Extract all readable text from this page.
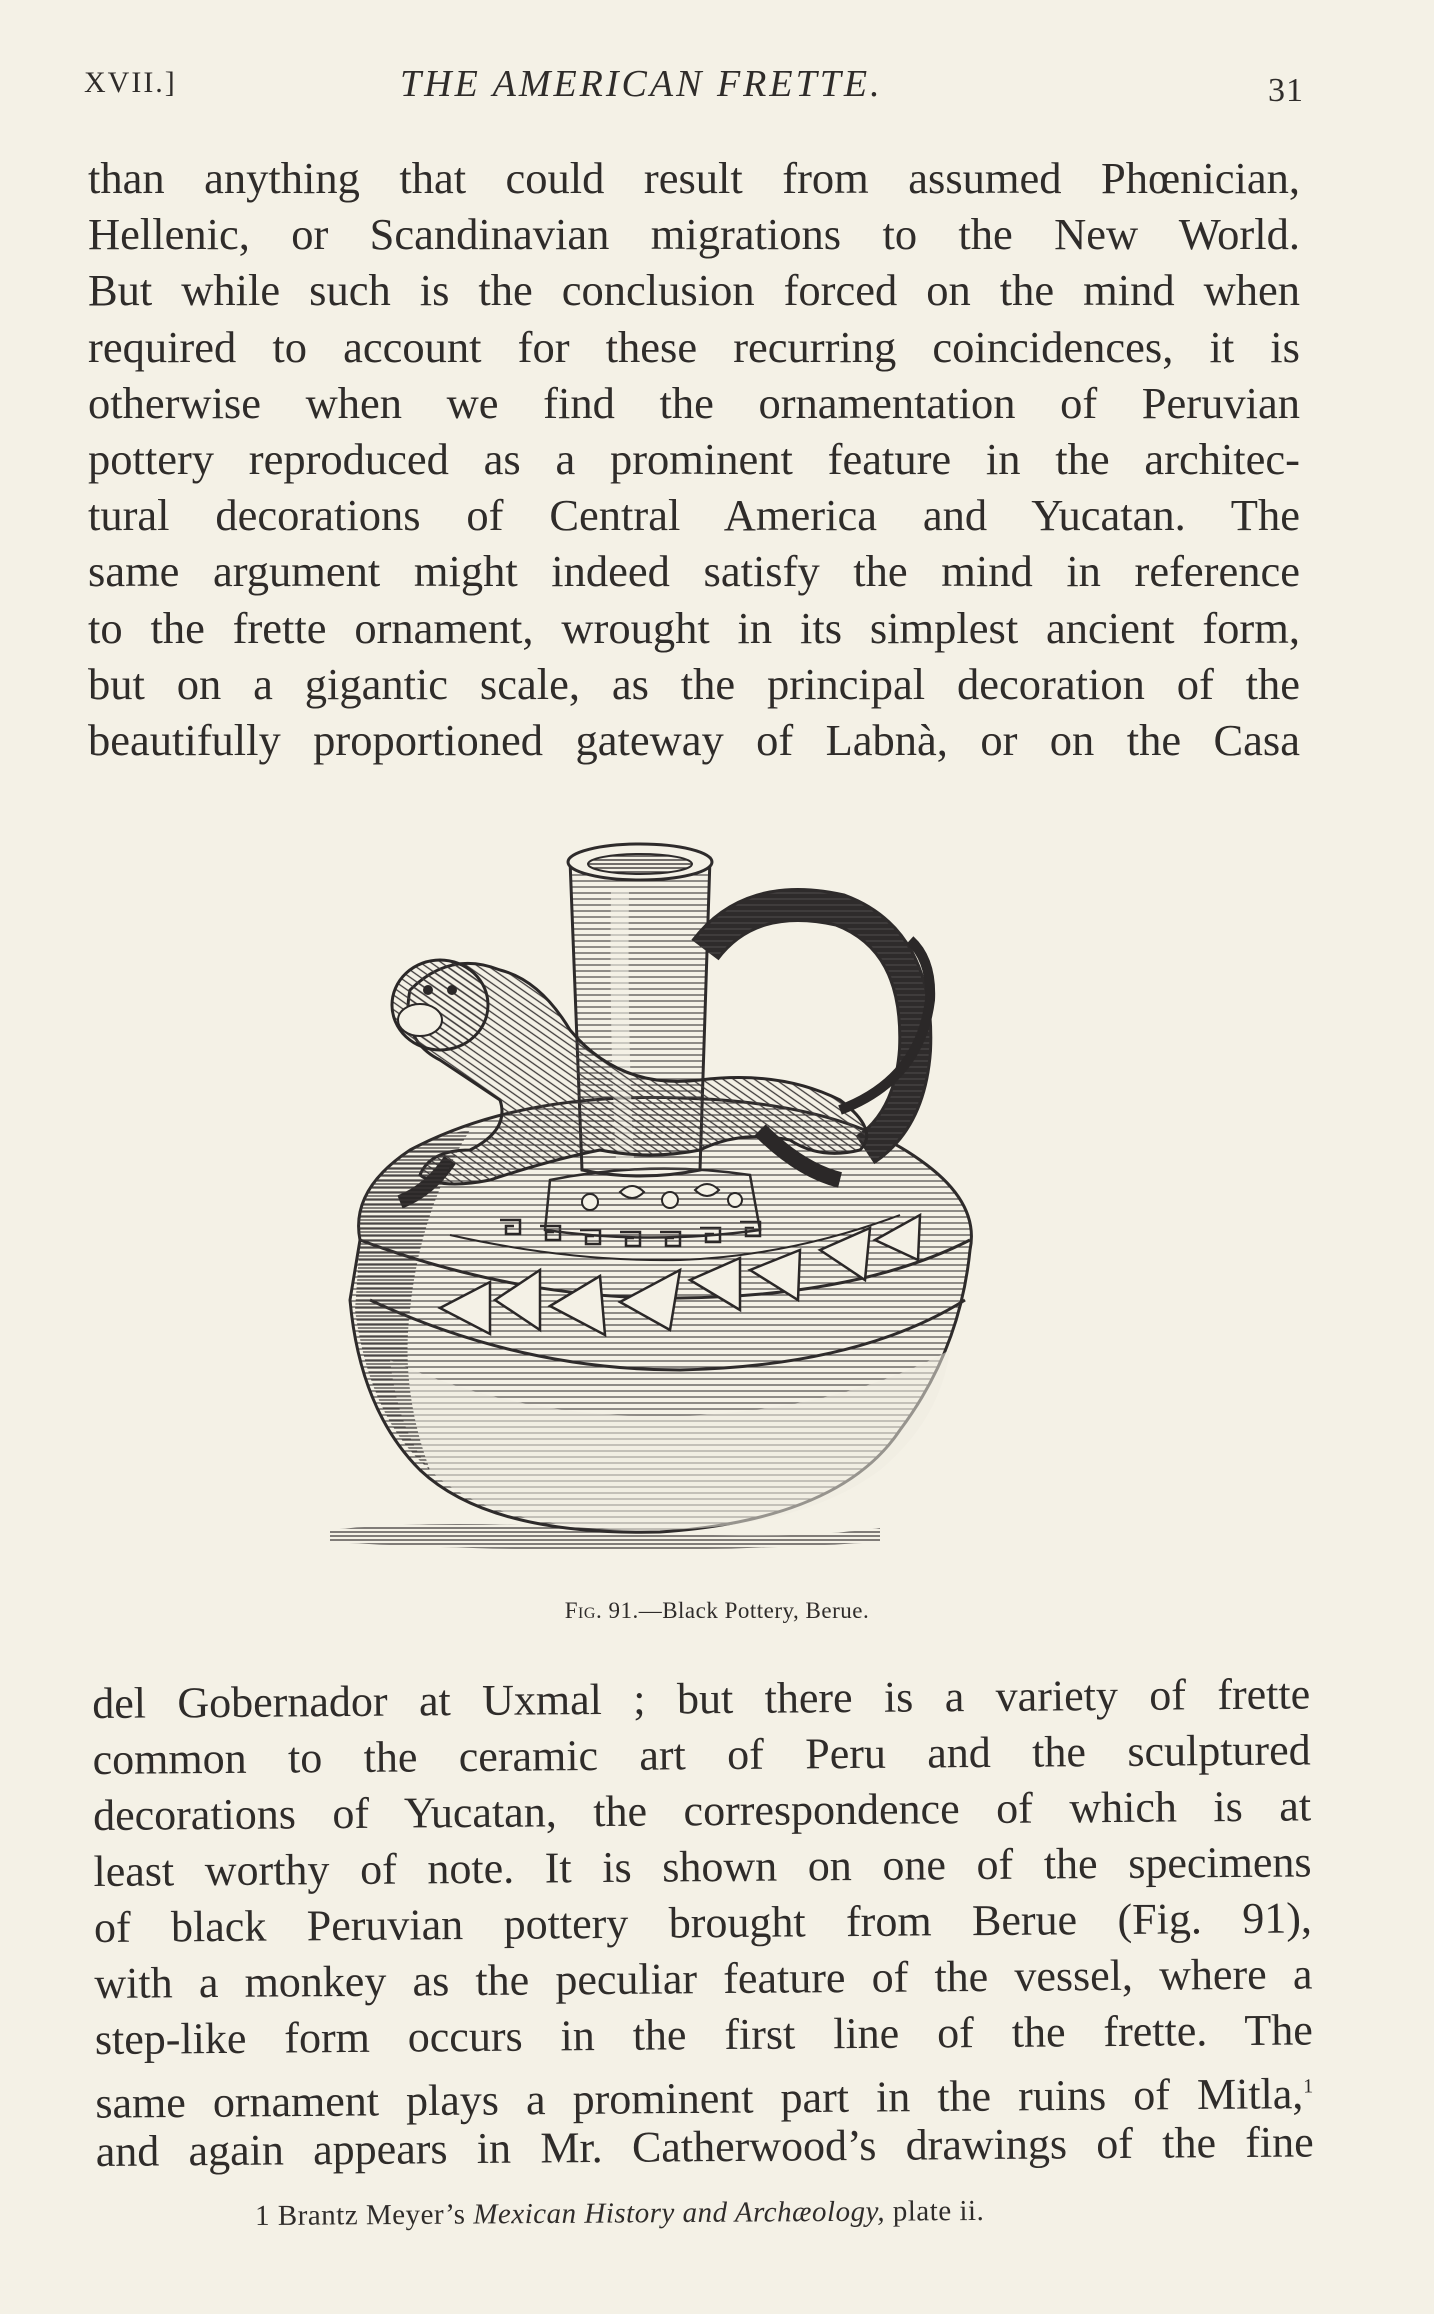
XVII.]	THE AMERICAN FRETTE.	31
than anything that could result from assumed Phœnician,
Hellenic, or Scandinavian migrations to the New World.
But while such is the conclusion forced on the mind when
required to account for these recurring coincidences, it is
otherwise when we find the ornamentation of Peruvian
pottery reproduced as a prominent feature in the architec-
tural decorations of Central America and Yucatan. The
same argument might indeed satisfy the mind in reference
to the frette ornament, wrought in its simplest ancient form,
but on a gigantic scale, as the principal decoration of the
beautifully proportioned gateway of Labnà, or on the Casa
Fig. 91.—Black Pottery, Berue.
del Gobernador at Uxmal ; but there is a variety of frette
common to the ceramic art of Peru and the sculptured
decorations of Yucatan, the correspondence of which is at
least worthy of note. It is shown on one of the specimens
of black Peruvian pottery brought from Berue (Fig. 91),
with a monkey as the peculiar feature of the vessel, where a
step-like form occurs in the first line of the frette. The
same ornament plays a prominent part in the ruins of Mitla,$^1$
and again appears in Mr. Catherwood’s drawings of the fine
1 Brantz Meyer’s Mexican History and Archæology, plate ii.
